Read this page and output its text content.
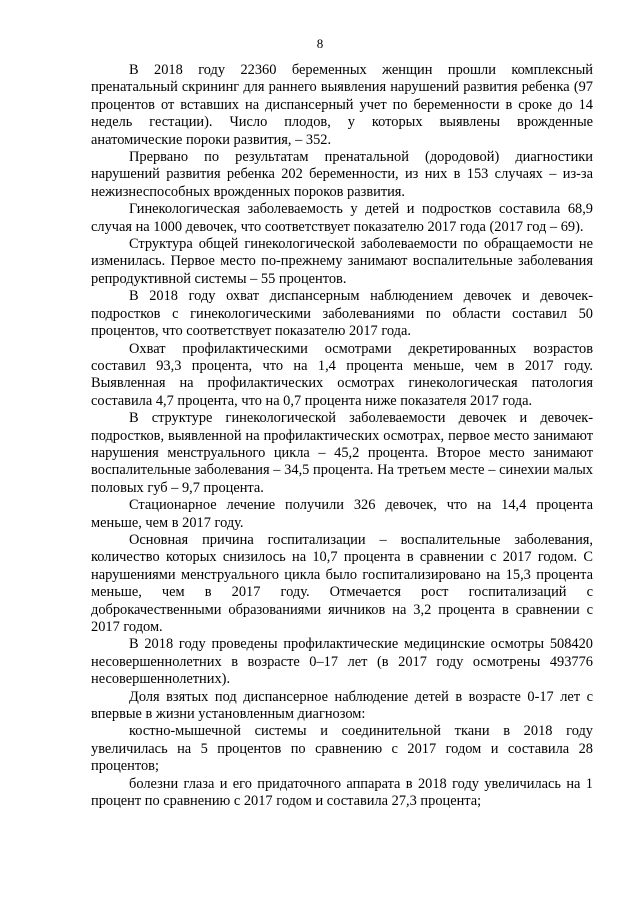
8

В 2018 году 22360 беременных женщин прошли комплексный пренатальный скрининг для раннего выявления нарушений развития ребенка (97 процентов от вставших на диспансерный учет по беременности в сроке до 14 недель гестации). Число плодов, у которых выявлены врожденные анатомические пороки развития, – 352.

Прервано по результатам пренатальной (дородовой) диагностики нарушений развития ребенка 202 беременности, из них в 153 случаях – из-за нежизнеспособных врожденных пороков развития.

Гинекологическая заболеваемость у детей и подростков составила 68,9 случая на 1000 девочек, что соответствует показателю 2017 года (2017 год – 69).

Структура общей гинекологической заболеваемости по обращаемости не изменилась. Первое место по-прежнему занимают воспалительные заболевания репродуктивной системы – 55 процентов.

В 2018 году охват диспансерным наблюдением девочек и девочек-подростков с гинекологическими заболеваниями по области составил 50 процентов, что соответствует показателю 2017 года.

Охват профилактическими осмотрами декретированных возрастов составил 93,3 процента, что на 1,4 процента меньше, чем в 2017 году. Выявленная на профилактических осмотрах гинекологическая патология составила 4,7 процента, что на 0,7 процента ниже показателя 2017 года.

В структуре гинекологической заболеваемости девочек и девочек-подростков, выявленной на профилактических осмотрах, первое место занимают нарушения менструального цикла – 45,2 процента. Второе место занимают воспалительные заболевания – 34,5 процента. На третьем месте – синехии малых половых губ – 9,7 процента.

Стационарное лечение получили 326 девочек, что на 14,4 процента меньше, чем в 2017 году.

Основная причина госпитализации – воспалительные заболевания, количество которых снизилось на 10,7 процента в сравнении с 2017 годом. С нарушениями менструального цикла было госпитализировано на 15,3 процента меньше, чем в 2017 году. Отмечается рост госпитализаций с доброкачественными образованиями яичников на 3,2 процента в сравнении с 2017 годом.

В 2018 году проведены профилактические медицинские осмотры 508420 несовершеннолетних в возрасте 0–17 лет (в 2017 году осмотрены 493776 несовершеннолетних).

Доля взятых под диспансерное наблюдение детей в возрасте 0-17 лет с впервые в жизни установленным диагнозом:

костно-мышечной системы и соединительной ткани в 2018 году увеличилась на 5 процентов по сравнению с 2017 годом и составила 28 процентов;

болезни глаза и его придаточного аппарата в 2018 году увеличилась на 1 процент по сравнению с 2017 годом и составила 27,3 процента;
